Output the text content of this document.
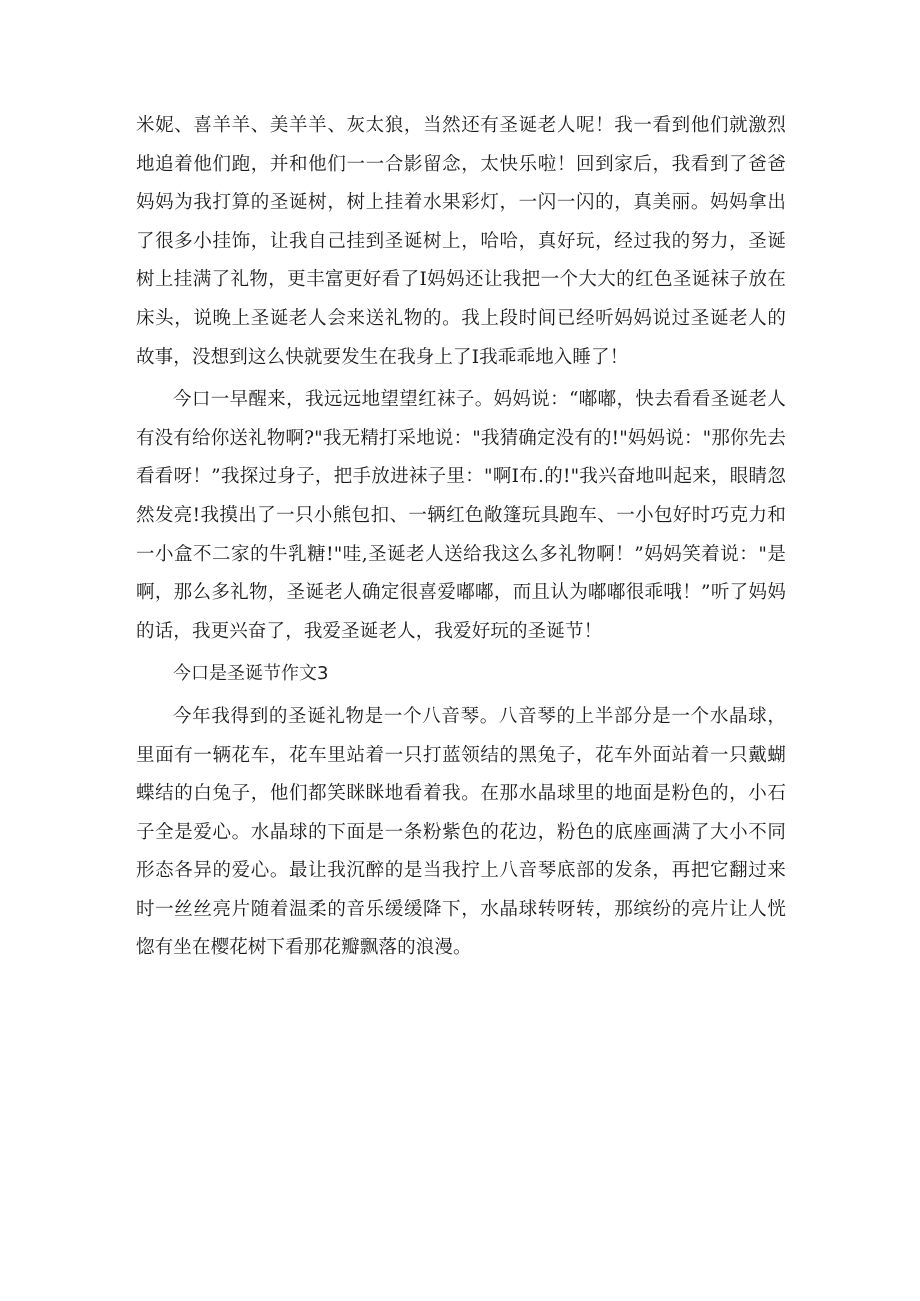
米妮、喜羊羊、美羊羊、灰太狼，当然还有圣诞老人呢！我一看到他们就激烈地追着他们跑，并和他们一一合影留念，太快乐啦！回到家后，我看到了爸爸妈妈为我打算的圣诞树，树上挂着水果彩灯，一闪一闪的，真美丽。妈妈拿出了很多小挂饰，让我自己挂到圣诞树上，哈哈，真好玩，经过我的努力，圣诞树上挂满了礼物，更丰富更好看了I妈妈还让我把一个大大的红色圣诞袜子放在床头，说晚上圣诞老人会来送礼物的。我上段时间已经听妈妈说过圣诞老人的故事，没想到这么快就要发生在我身上了I我乖乖地入睡了！

今口一早醒来，我远远地望望红袜子。妈妈说：“嘟嘟，快去看看圣诞老人有没有给你送礼物啊?"我无精打采地说："我猜确定没有的!"妈妈说："那你先去看看呀！”我探过身子，把手放进袜子里："啊I布.的!"我兴奋地叫起来，眼睛忽然发亮!我摸出了一只小熊包扣、一辆红色敞篷玩具跑车、一小包好时巧克力和一小盒不二家的牛乳糖!"哇,圣诞老人送给我这么多礼物啊！”妈妈笑着说："是啊，那么多礼物，圣诞老人确定很喜爱嘟嘟，而且认为嘟嘟很乖哦！”听了妈妈的话，我更兴奋了，我爱圣诞老人，我爱好玩的圣诞节！

今口是圣诞节作文3

今年我得到的圣诞礼物是一个八音琴。八音琴的上半部分是一个水晶球，里面有一辆花车，花车里站着一只打蓝领结的黑兔子，花车外面站着一只戴蝴蝶结的白兔子，他们都笑眯眯地看着我。在那水晶球里的地面是粉色的，小石子全是爱心。水晶球的下面是一条粉紫色的花边，粉色的底座画满了大小不同形态各异的爱心。最让我沉醉的是当我拧上八音琴底部的发条，再把它翻过来时一丝丝亮片随着温柔的音乐缓缓降下，水晶球转呀转，那缤纷的亮片让人恍惚有坐在樱花树下看那花瓣飘落的浪漫。
